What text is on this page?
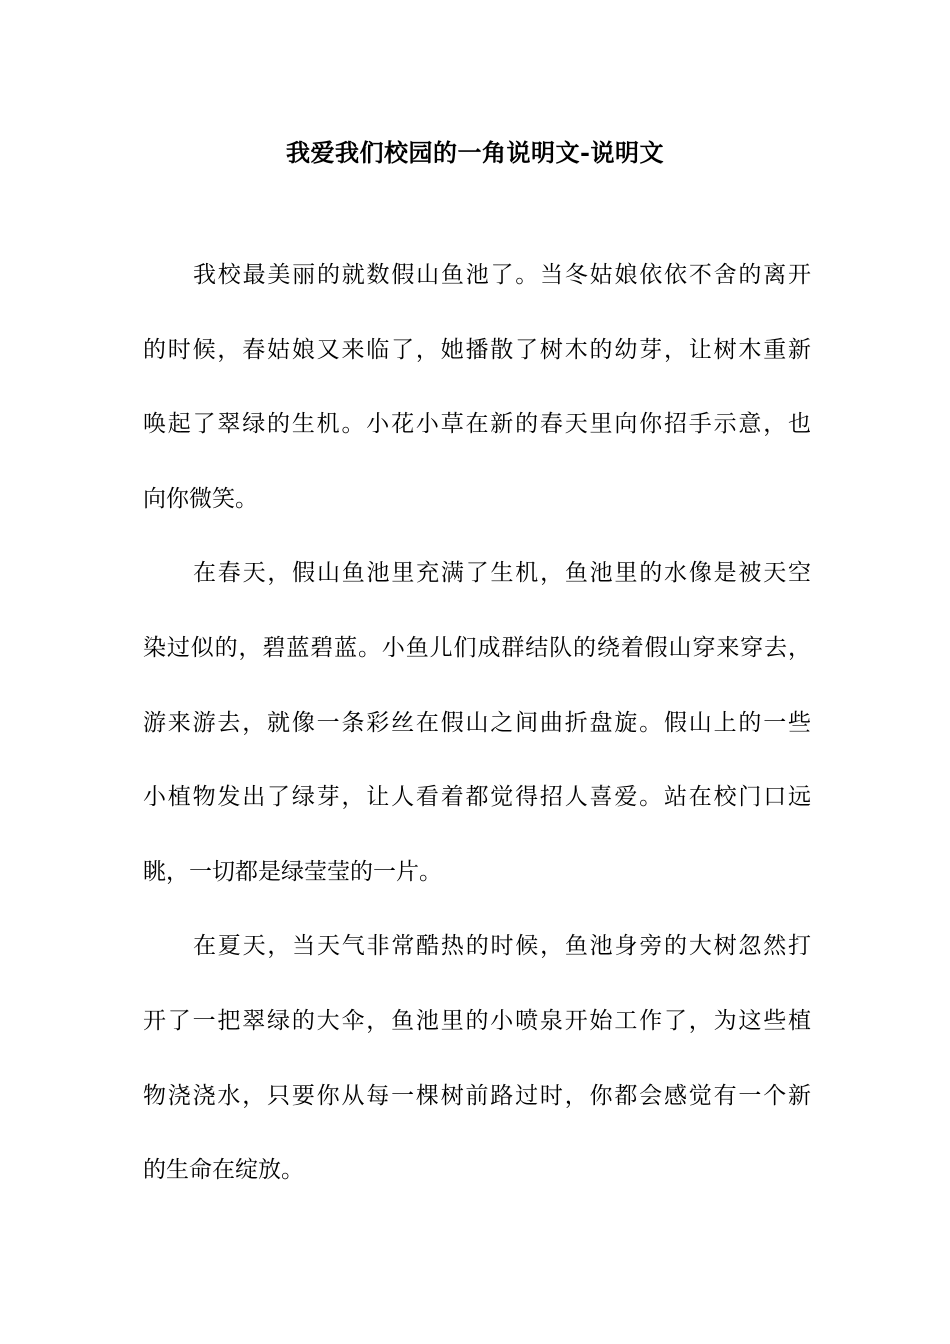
我爱我们校园的一角说明文-说明文
我校最美丽的就数假山鱼池了。当冬姑娘依依不舍的离开
的时候，春姑娘又来临了，她播散了树木的幼芽，让树木重新
唤起了翠绿的生机。小花小草在新的春天里向你招手示意，也
向你微笑。
在春天，假山鱼池里充满了生机，鱼池里的水像是被天空
染过似的，碧蓝碧蓝。小鱼儿们成群结队的绕着假山穿来穿去，
游来游去，就像一条彩丝在假山之间曲折盘旋。假山上的一些
小植物发出了绿芽，让人看着都觉得招人喜爱。站在校门口远
眺，一切都是绿莹莹的一片。
在夏天，当天气非常酷热的时候，鱼池身旁的大树忽然打
开了一把翠绿的大伞，鱼池里的小喷泉开始工作了，为这些植
物浇浇水，只要你从每一棵树前路过时，你都会感觉有一个新
的生命在绽放。
